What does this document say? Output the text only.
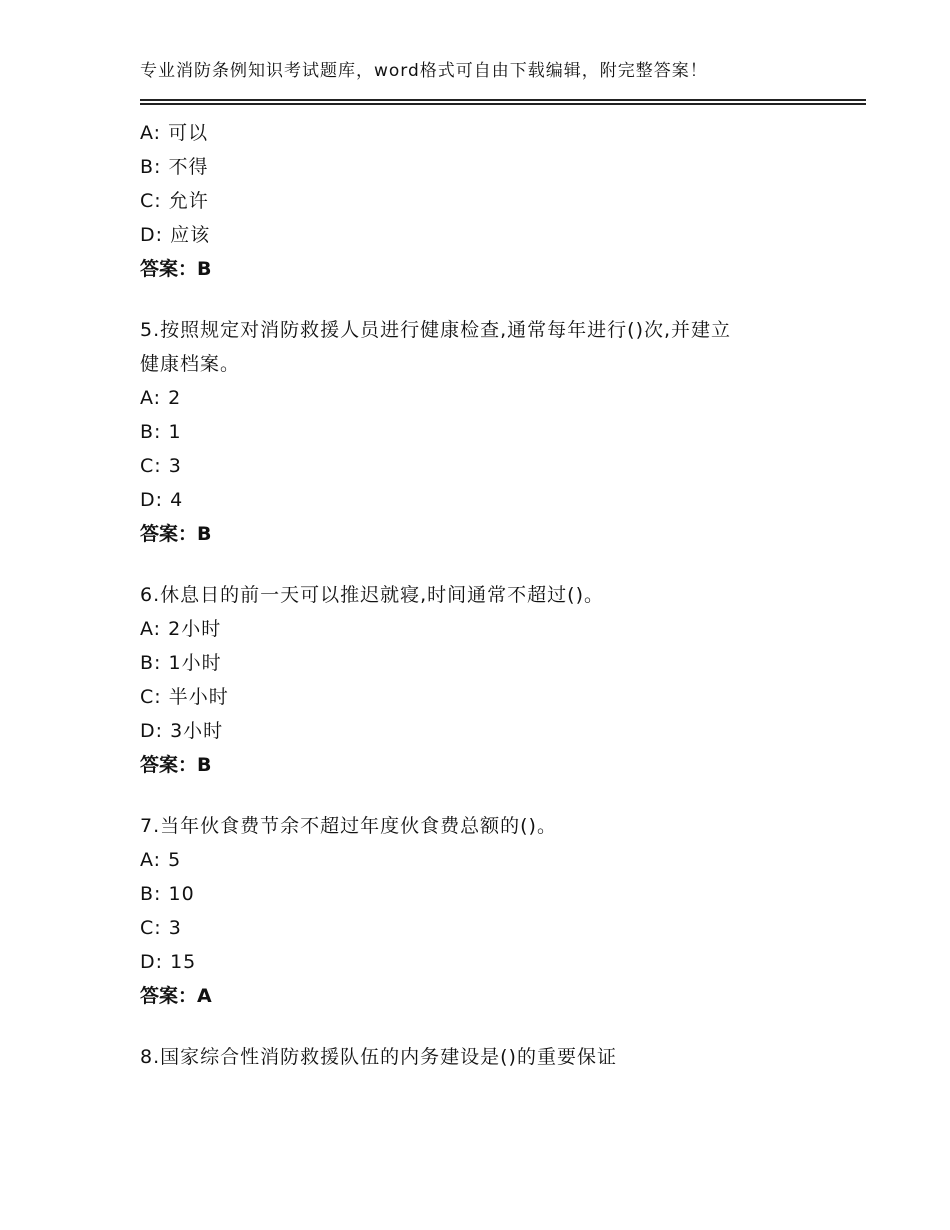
专业消防条例知识考试题库，word格式可自由下载编辑，附完整答案！
A: 可以
B: 不得
C: 允许
D: 应该
答案：B
5.按照规定对消防救援人员进行健康检查,通常每年进行()次,并建立
健康档案。
A: 2
B: 1
C: 3
D: 4
答案：B
6.休息日的前一天可以推迟就寝,时间通常不超过()。
A: 2小时
B: 1小时
C: 半小时
D: 3小时
答案：B
7.当年伙食费节余不超过年度伙食费总额的()。
A: 5
B: 10
C: 3
D: 15
答案：A
8.国家综合性消防救援队伍的内务建设是()的重要保证
